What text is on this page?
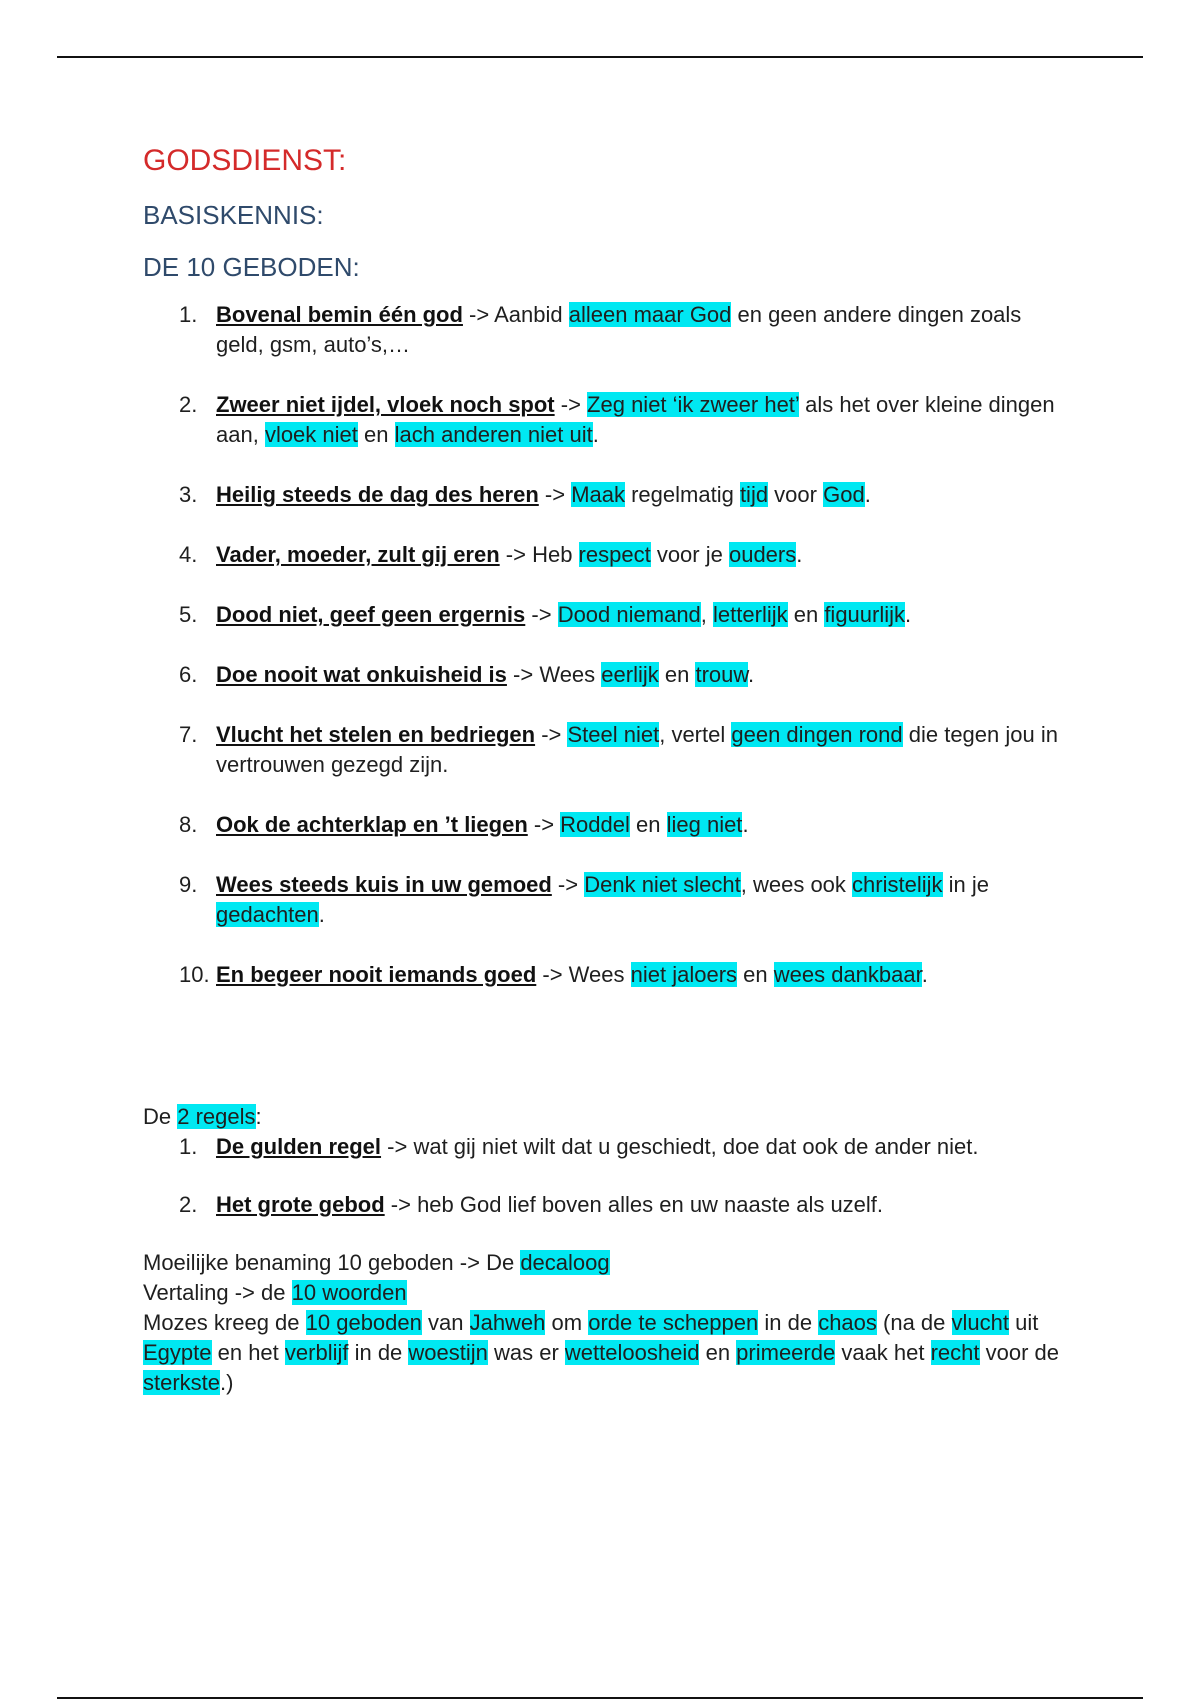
GODSDIENST:
BASISKENNIS:
DE 10 GEBODEN:
1. Bovenal bemin één god -> Aanbid alleen maar God en geen andere dingen zoals geld, gsm, auto’s,…
2. Zweer niet ijdel, vloek noch spot -> Zeg niet ‘ik zweer het’ als het over kleine dingen aan, vloek niet en lach anderen niet uit.
3. Heilig steeds de dag des heren -> Maak regelmatig tijd voor God.
4. Vader, moeder, zult gij eren -> Heb respect voor je ouders.
5. Dood niet, geef geen ergernis -> Dood niemand, letterlijk en figuurlijk.
6. Doe nooit wat onkuisheid is -> Wees eerlijk en trouw.
7. Vlucht het stelen en bedriegen -> Steel niet, vertel geen dingen rond die tegen jou in vertrouwen gezegd zijn.
8. Ook de achterklap en ’t liegen -> Roddel en lieg niet.
9. Wees steeds kuis in uw gemoed -> Denk niet slecht, wees ook christelijk in je gedachten.
10. En begeer nooit iemands goed -> Wees niet jaloers en wees dankbaar.

De 2 regels:

1. De gulden regel -> wat gij niet wilt dat u geschiedt, doe dat ook de ander niet.
2. Het grote gebod -> heb God lief boven alles en uw naaste als uzelf.

Moeilijke benaming 10 geboden -> De decaloog

Vertaling -> de 10 woorden

Mozes kreeg de 10 geboden van Jahweh om orde te scheppen in de chaos (na de vlucht uit Egypte en het verblijf in de woestijn was er wetteloosheid en primeerde vaak het recht voor de sterkste.)
